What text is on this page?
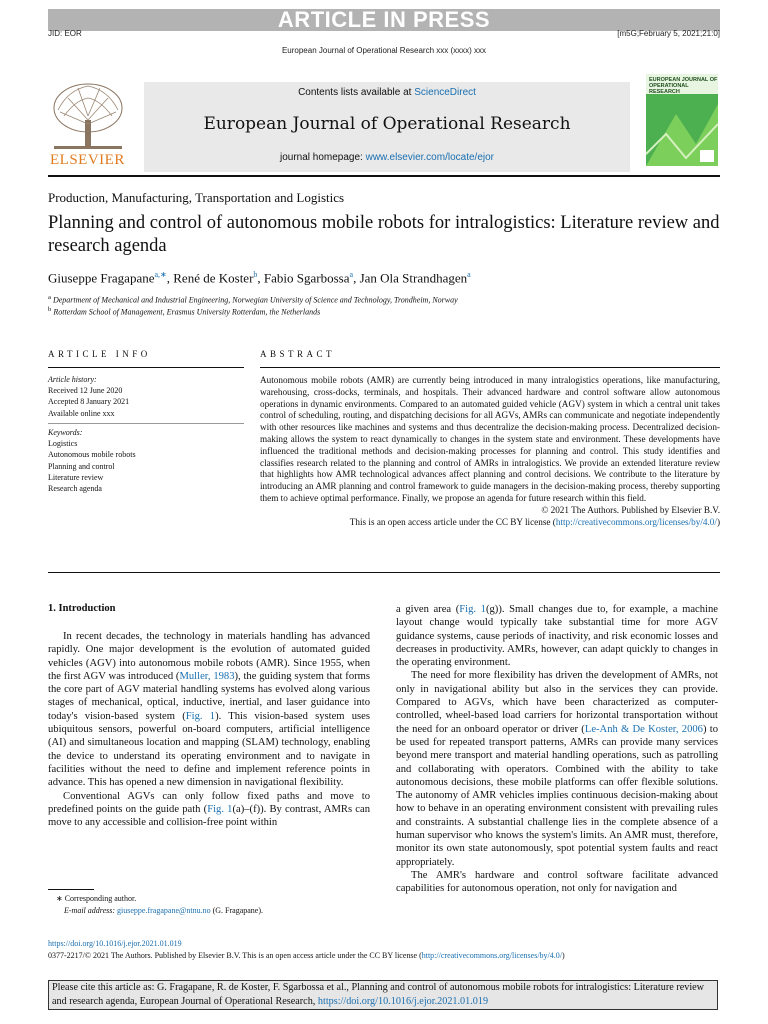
ARTICLE IN PRESS
JID: EOR	[m5G;February 5, 2021;21:0]
European Journal of Operational Research xxx (xxxx) xxx
ELSEVIER
Contents lists available at ScienceDirect
European Journal of Operational Research
journal homepage: www.elsevier.com/locate/ejor
EUROPEAN JOURNAL OF
OPERATIONAL RESEARCH
Production, Manufacturing, Transportation and Logistics
Planning and control of autonomous mobile robots for intralogistics: Literature review and research agenda
Giuseppe Fragapane$^{a,∗}$, René de Koster$^b$, Fabio Sgarbossa$^a$, Jan Ola Strandhagen$^a$
$^a$ Department of Mechanical and Industrial Engineering, Norwegian University of Science and Technology, Trondheim, Norway
$^b$ Rotterdam School of Management, Erasmus University Rotterdam, the Netherlands
ARTICLE INFO	ABSTRACT
Article history:
Received 12 June 2020
Accepted 8 January 2021
Available online xxx
Keywords:
Logistics
Autonomous mobile robots
Planning and control
Literature review
Research agenda
Autonomous mobile robots (AMR) are currently being introduced in many intralogistics operations, like manufacturing, warehousing, cross-docks, terminals, and hospitals. Their advanced hardware and control software allow autonomous operations in dynamic environments. Compared to an automated guided vehicle (AGV) system in which a central unit takes control of scheduling, routing, and dispatching decisions for all AGVs, AMRs can communicate and negotiate independently with other resources like machines and systems and thus decentralize the decision-making process. Decentralized decision-making allows the system to react dynamically to changes in the system state and environment. These developments have influenced the traditional methods and decision-making processes for planning and control. This study identifies and classifies research related to the planning and control of AMRs in intralogistics. We provide an extended literature review that highlights how AMR technological advances affect planning and control decisions. We contribute to the literature by introducing an AMR planning and control framework to guide managers in the decision-making process, thereby supporting them to achieve optimal performance. Finally, we propose an agenda for future research within this field.
© 2021 The Authors. Published by Elsevier B.V.
This is an open access article under the CC BY license (http://creativecommons.org/licenses/by/4.0/)
1. Introduction

In recent decades, the technology in materials handling has advanced rapidly. One major development is the evolution of automated guided vehicles (AGV) into autonomous mobile robots (AMR). Since 1955, when the first AGV was introduced (Muller, 1983), the guiding system that forms the core part of AGV material handling systems has evolved along various stages of mechanical, optical, inductive, inertial, and laser guidance into today's vision-based system (Fig. 1). This vision-based system uses ubiquitous sensors, powerful on-board computers, artificial intelligence (AI) and simultaneous location and mapping (SLAM) technology, enabling the device to understand its operating environment and to navigate in facilities without the need to define and implement reference points in advance. This has opened a new dimension in navigational flexibility.

Conventional AGVs can only follow fixed paths and move to predefined points on the guide path (Fig. 1(a)–(f)). By contrast, AMRs can move to any accessible and collision-free point within

a given area (Fig. 1(g)). Small changes due to, for example, a machine layout change would typically take substantial time for more AGV guidance systems, cause periods of inactivity, and risk economic losses and decreases in productivity. AMRs, however, can adapt quickly to changes in the operating environment.

The need for more flexibility has driven the development of AMRs, not only in navigational ability but also in the services they can provide. Compared to AGVs, which have been characterized as computer-controlled, wheel-based load carriers for horizontal transportation without the need for an onboard operator or driver (Le-Anh & De Koster, 2006) to be used for repeated transport patterns, AMRs can provide many services beyond mere transport and material handling operations, such as patrolling and collaborating with operators. Combined with the ability to take autonomous decisions, these mobile platforms can offer flexible solutions. The autonomy of AMR vehicles implies continuous decision-making about how to behave in an operating environment consistent with prevailing rules and constraints. A substantial challenge lies in the complete absence of a human supervisor who knows the system's limits. An AMR must, therefore, monitor its own state autonomously, spot potential system faults and react appropriately.

The AMR's hardware and control software facilitate advanced capabilities for autonomous operation, not only for navigation and

∗ Corresponding author.
E-mail address: giuseppe.fragapane@ntnu.no (G. Fragapane).
https://doi.org/10.1016/j.ejor.2021.01.019
0377-2217/© 2021 The Authors. Published by Elsevier B.V. This is an open access article under the CC BY license (http://creativecommons.org/licenses/by/4.0/)
Please cite this article as: G. Fragapane, R. de Koster, F. Sgarbossa et al., Planning and control of autonomous mobile robots for intralogistics: Literature review and research agenda, European Journal of Operational Research, https://doi.org/10.1016/j.ejor.2021.01.019
